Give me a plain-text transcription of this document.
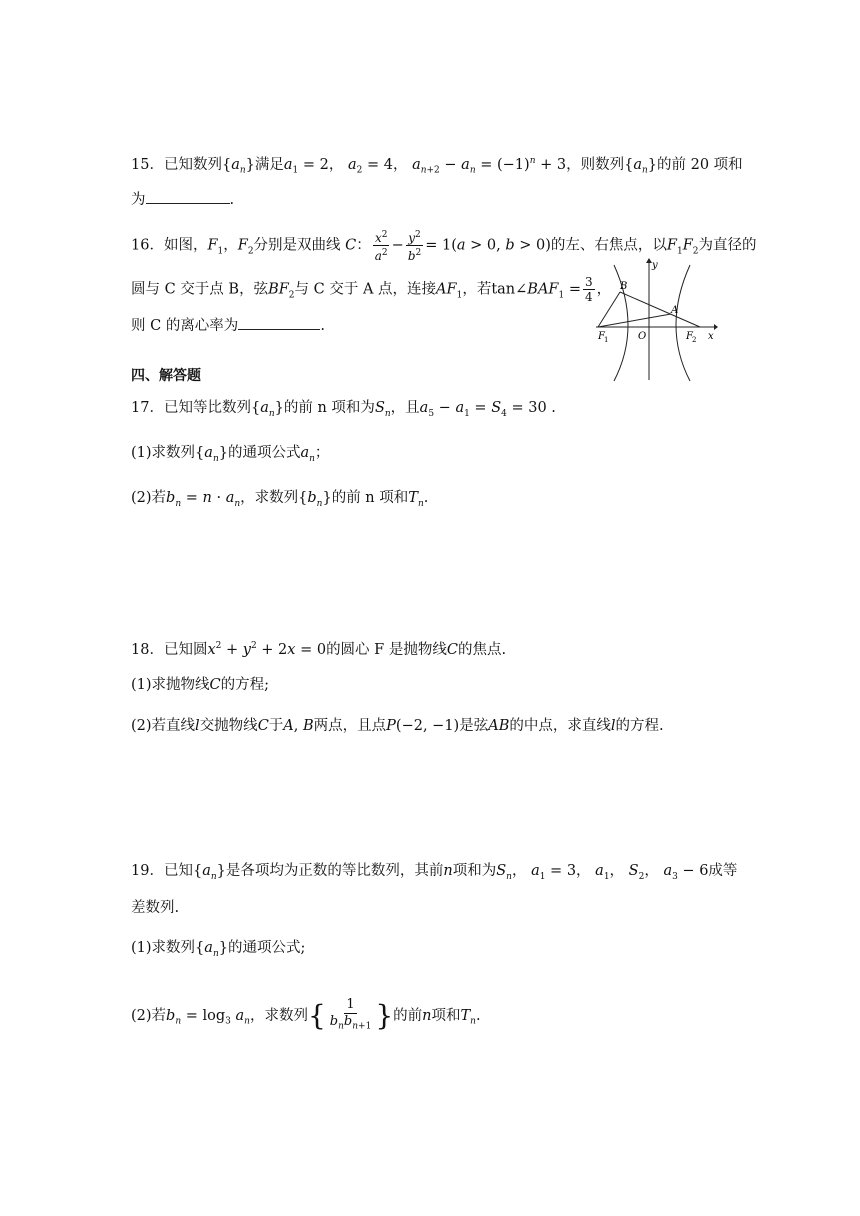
15．已知数列$\{a_n\}$满足$a_1 = 2$， $a_2 = 4$， $a_{n+2} - a_n = (-1)^n + 3$，则数列$\{a_n\}$的前 20 项和
为	.
16．如图，$F_1$，$F_2$分别是双曲线 C： $\frac{x^2}{a^2} - \frac{y^2}{b^2} = 1(a > 0$, b > 0)的左、右焦点，以$F_1F_2$为直径的
圆与 C 交于点 B，弦$BF_2$与 C 交于 A 点，连接$AF_1$，若$\tan\angle BAF_1 = \frac{3}{4}$ ，
则 C 的离心率为	.
y
x
B
A
O
F 1	F 2
四、解答题
17．已知等比数列$\{a_n\}$的前 n 项和为$S_n$，且$a_5 - a_1 = S_4 = 30$ .
(1)求数列$\{a_n\}$的通项公式$a_n$；
(2)若$b_n = n \cdot a_n$，求数列$\{b_n\}$的前 n 项和$T_n$.
18．已知圆$x^2 + y^2 + 2x = 0$的圆心 F 是抛物线C的焦点.
(1)求抛物线C的方程;
(2)若直线l交抛物线C于A, B两点，且点P(−2, −1)是弦AB的中点，求直线l的方程.
19．已知$\{a_n\}$是各项均为正数的等比数列，其前n项和为$S_n$， $a_1 = 3$， $a_1$， $S_2$， $a_3 - 6$成等
差数列.
(1)求数列$\{a_n\}$的通项公式;
(2)若$b_n = \log_3 a_n$，求数列 { $\frac{1}{b_nb_{n+1}}$ } 的前n项和$T_n$.
